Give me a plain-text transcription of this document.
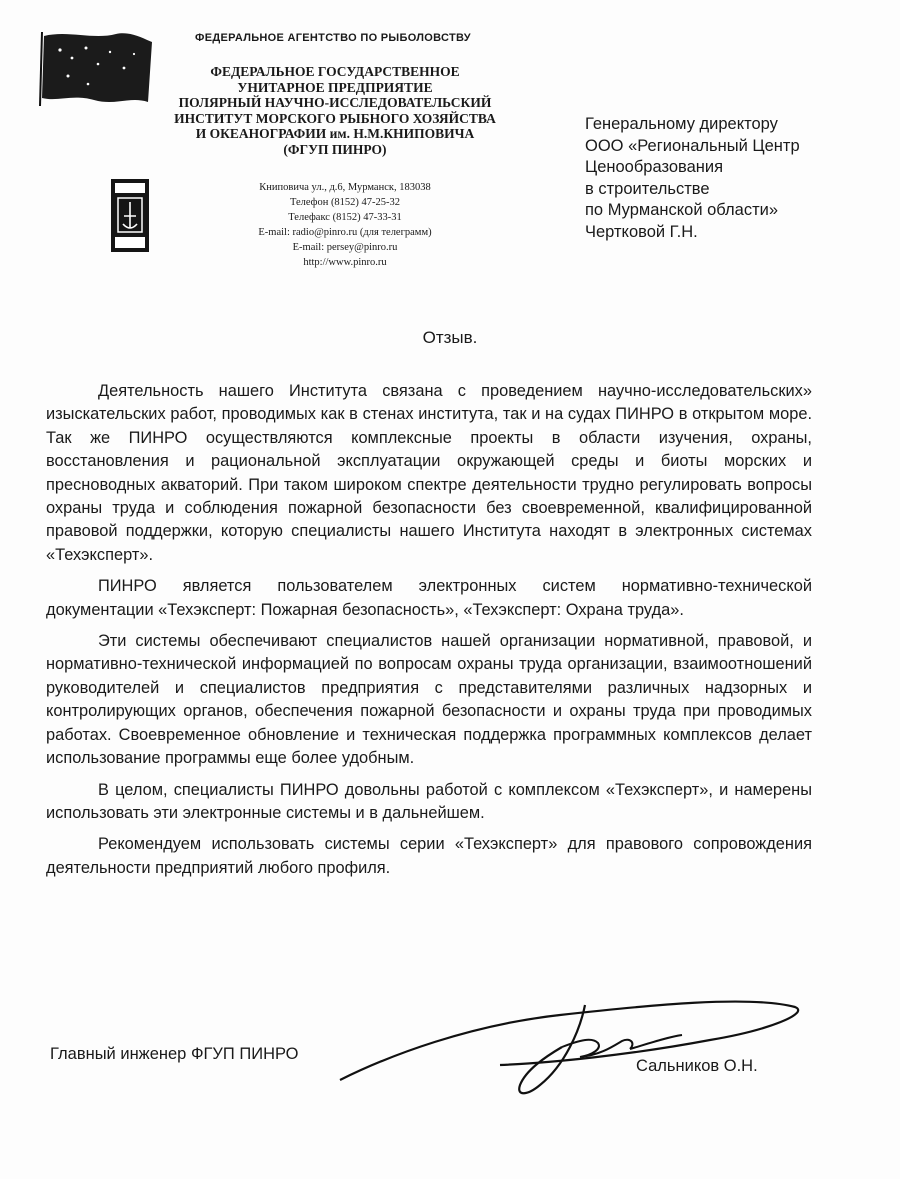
ФЕДЕРАЛЬНОЕ АГЕНТСТВО ПО РЫБОЛОВСТВУ
ФЕДЕРАЛЬНОЕ ГОСУДАРСТВЕННОЕ
УНИТАРНОЕ ПРЕДПРИЯТИЕ
ПОЛЯРНЫЙ НАУЧНО-ИССЛЕДОВАТЕЛЬСКИЙ
ИНСТИТУТ МОРСКОГО РЫБНОГО ХОЗЯЙСТВА
И ОКЕАНОГРАФИИ им. Н.М.КНИПОВИЧА
(ФГУП ПИНРО)
Книповича ул., д.6, Мурманск, 183038
Телефон (8152) 47-25-32
Телефакс (8152) 47-33-31
E-mail: radio@pinro.ru (для телеграмм)
E-mail: persey@pinro.ru
http://www.pinro.ru
Генеральному директору
ООО «Региональный Центр
Ценообразования
в строительстве
по Мурманской области»
Чертковой Г.Н.
Отзыв.

Деятельность нашего Института связана с проведением научно-исследовательских» изыскательских работ, проводимых как в стенах института, так и на судах ПИНРО в открытом море. Так же ПИНРО осуществляются комплексные проекты в области изучения, охраны, восстановления и рациональной эксплуатации окружающей среды и биоты морских и пресноводных акваторий. При таком широком спектре деятельности трудно регулировать вопросы охраны труда и соблюдения пожарной безопасности без своевременной, квалифицированной правовой поддержки, которую специалисты нашего Института находят в электронных системах «Техэксперт».

ПИНРО является пользователем электронных систем нормативно-технической документации «Техэксперт: Пожарная безопасность», «Техэксперт: Охрана труда».

Эти системы обеспечивают специалистов нашей организации нормативной, правовой, и нормативно-технической информацией по вопросам охраны труда организации, взаимоотношений руководителей и специалистов предприятия с представителями различных надзорных и контролирующих органов, обеспечения пожарной безопасности и охраны труда при проводимых работах. Своевременное обновление и техническая поддержка программных комплексов делает использование программы еще более удобным.

В целом, специалисты ПИНРО довольны работой с комплексом «Техэксперт», и намерены использовать эти электронные системы и в дальнейшем.

Рекомендуем использовать системы серии «Техэксперт» для правового сопровождения деятельности предприятий любого профиля.

Главный инженер ФГУП ПИНРО
Сальников О.Н.
